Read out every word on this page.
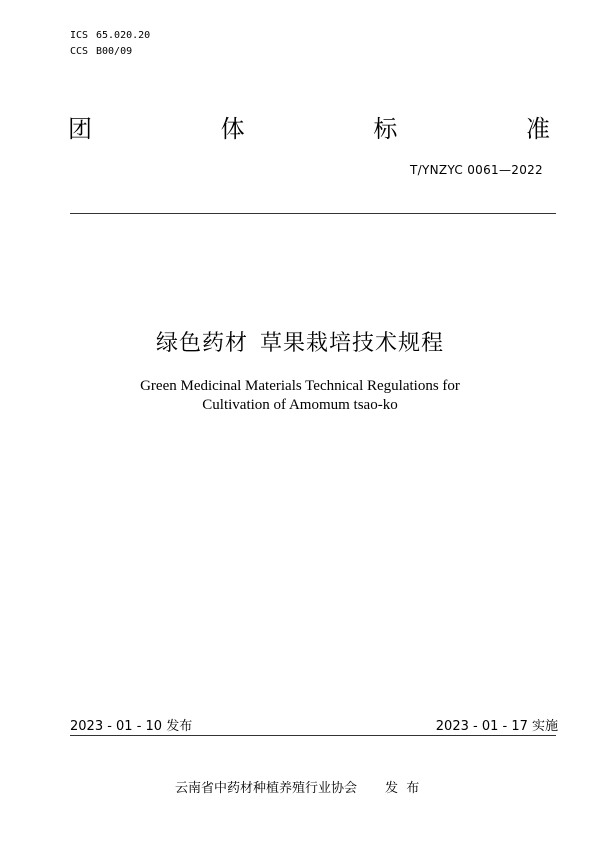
ICS 65.020.20
CCS B00/09
团	体	标	准
T/YNZYC 0061—2022
绿色药材 草果栽培技术规程
Green Medicinal Materials Technical Regulations for
Cultivation of Amomum tsao-ko
2023 - 01 - 10 发布	2023 - 01 - 17 实施
云南省中药材种植养殖行业协会 发  布
